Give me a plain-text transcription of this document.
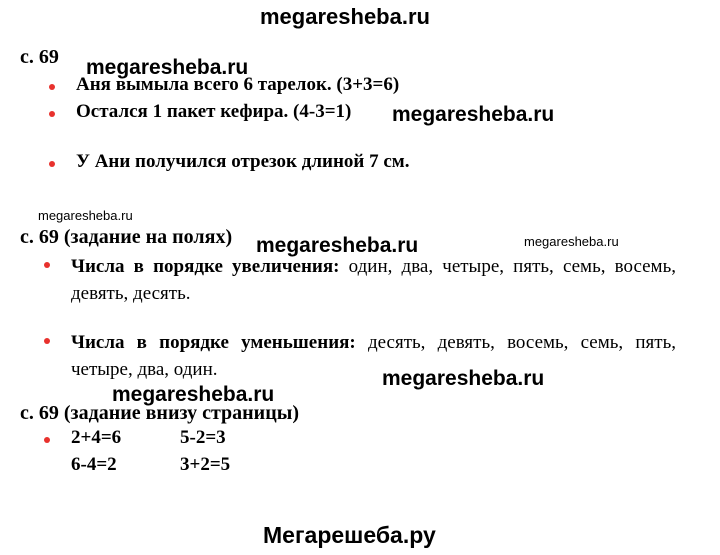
megaresheba.ru
с. 69 megaresheba.ru
Аня вымыла всего 6 тарелок. (3+3=6)
Остался 1 пакет кефира. (4-3=1) megaresheba.ru
У Ани получился отрезок длиной 7 см.
megaresheba.ru
с. 69 (задание на полях) megaresheba.ru	megaresheba.ru
Числа в порядке увеличения: один, два, четыре, пять, семь, восемь, девять, десять.
Числа в порядке уменьшения: десять, девять, восемь, семь, пять, четыре, два, один.
megaresheba.ru
megaresheba.ru
с. 69 (задание внизу страницы)
2+4=6	5-2=3
6-4=2	3+2=5
Мегарешеба.ру
